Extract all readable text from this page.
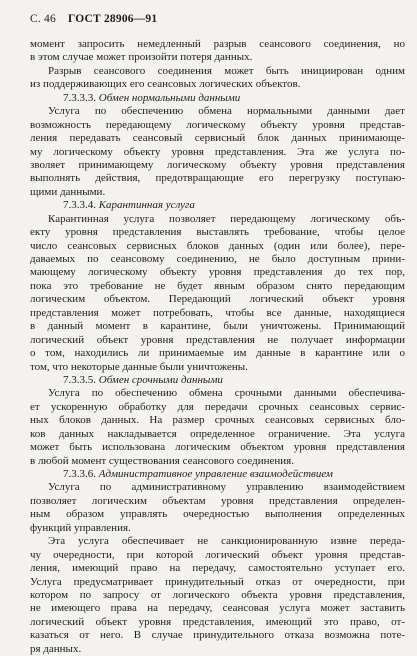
С. 46 ГОСТ 28906—91
момент запросить немедленный разрыв сеансового соединения, но
в этом случае может произойти потеря данных.
Разрыв сеансового соединения может быть инициирован одним
из поддерживающих его сеансовых логических объектов.
7.3.3.3. Обмен нормальными данными
Услуга по обеспечению обмена нормальными данными дает
возможность передающему логическому объекту уровня представ-
ления передавать сеансовый сервисный блок данных принимающе-
му логическому объекту уровня представления. Эта же услуга по-
зволяет принимающему логическому объекту уровня представления
выполнять действия, предотвращающие его перегрузку поступаю-
щими данными.
7.3.3.4. Карантинная услуга
Карантинная услуга позволяет передающему логическому объ-
екту уровня представления выставлять требование, чтобы целое
число сеансовых сервисных блоков данных (один или более), пере-
даваемых по сеансовому соединению, не было доступным прини-
мающему логическому объекту уровня представления до тех пор,
пока это требование не будет явным образом снято передающим
логическим объектом. Передающий логический объект уровня
представления может потребовать, чтобы все данные, находящиеся
в данный момент в карантине, были уничтожены. Принимающий
логический объект уровня представления не получает информации
о том, находились ли принимаемые им данные в карантине или о
том, что некоторые данные были уничтожены.
7.3.3.5. Обмен срочными данными
Услуга по обеспечению обмена срочными данными обеспечива-
ет ускоренную обработку для передачи срочных сеансовых сервис-
ных блоков данных. На размер срочных сеансовых сервисных бло-
ков данных накладывается определенное ограничение. Эта услуга
может быть использована логическим объектом уровня представления
в любой момент существования сеансового соединения.
7.3.3.6. Административное управление взаимодействием
Услуга по административному управлению взаимодействием
позволяет логическим объектам уровня представления определен-
ным образом управлять очередностью выполнения определенных
функций управления.
Эта услуга обеспечивает не санкционированную извне переда-
чу очередности, при которой логический объект уровня представ-
ления, имеющий право на передачу, самостоятельно уступает его.
Услуга предусматривает принудительный отказ от очередности, при
котором по запросу от логического объекта уровня представления,
не имеющего права на передачу, сеансовая услуга может заставить
логический объект уровня представления, имеющий это право, от-
казаться от него. В случае принудительного отказа возможна поте-
ря данных.
